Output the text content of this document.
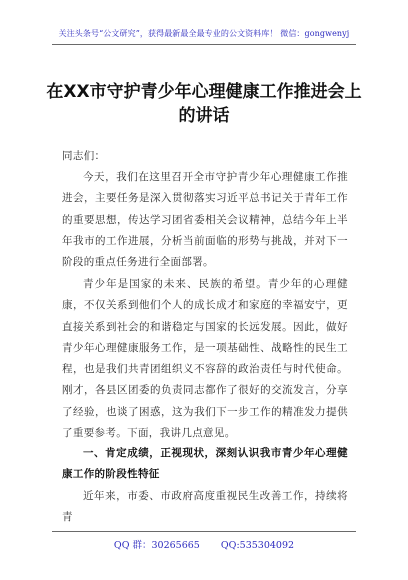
关注头条号“公文研究”，获得最新最全最专业的公文资料库！ 微信：gongwenyj
在XX市守护青少年心理健康工作推进会上的讲话
同志们：

今天，我们在这里召开全市守护青少年心理健康工作推进会，主要任务是深入贯彻落实习近平总书记关于青年工作的重要思想，传达学习团省委相关会议精神，总结今年上半年我市的工作进展，分析当前面临的形势与挑战，并对下一阶段的重点任务进行全面部署。

青少年是国家的未来、民族的希望。青少年的心理健康，不仅关系到他们个人的成长成才和家庭的幸福安宁，更直接关系到社会的和谐稳定与国家的长远发展。因此，做好青少年心理健康服务工作，是一项基础性、战略性的民生工程，也是我们共青团组织义不容辞的政治责任与时代使命。刚才，各县区团委的负责同志都作了很好的交流发言，分享了经验，也谈了困惑，这为我们下一步工作的精准发力提供了重要参考。下面，我讲几点意见。

一、肯定成绩，正视现状，深刻认识我市青少年心理健康工作的阶段性特征

近年来，市委、市政府高度重视民生改善工作，持续将青

QQ 群：30265665 QQ:535304092
